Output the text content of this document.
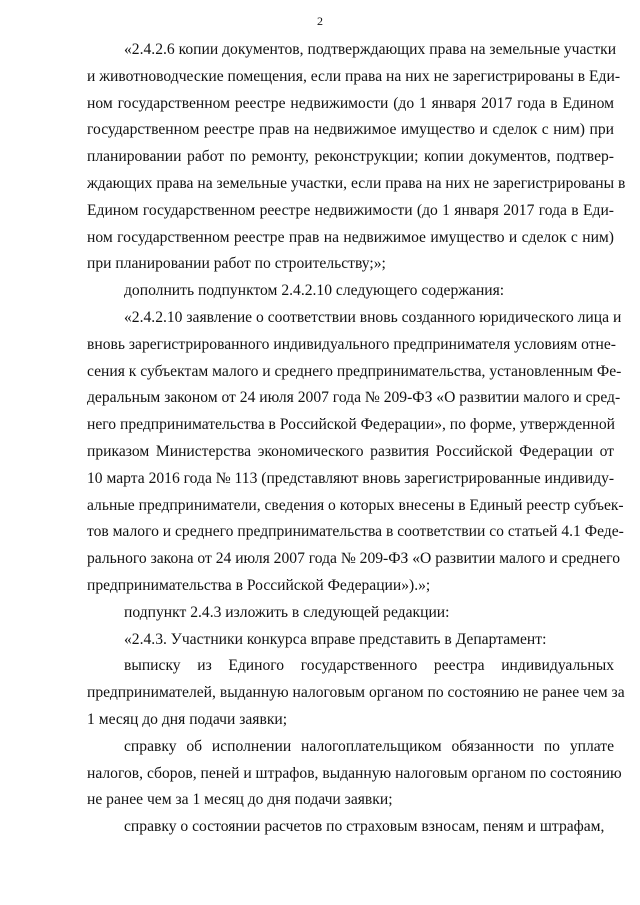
2
«2.4.2.6 копии документов, подтверждающих права на земельные участки
и животноводческие помещения, если права на них не зарегистрированы в Еди-
ном государственном реестре недвижимости (до 1 января 2017 года в Едином
государственном реестре прав на недвижимое имущество и сделок с ним) при
планировании работ по ремонту, реконструкции; копии документов, подтвер-
ждающих права на земельные участки, если права на них не зарегистрированы в
Едином государственном реестре недвижимости (до 1 января 2017 года в Еди-
ном государственном реестре прав на недвижимое имущество и сделок с ним)
при планировании работ по строительству;»;
дополнить подпунктом 2.4.2.10 следующего содержания:
«2.4.2.10 заявление о соответствии вновь созданного юридического лица и
вновь зарегистрированного индивидуального предпринимателя условиям отне-
сения к субъектам малого и среднего предпринимательства, установленным Фе-
деральным законом от 24 июля 2007 года № 209-ФЗ «О развитии малого и сред-
него предпринимательства в Российской Федерации», по форме, утвержденной
приказом Министерства экономического развития Российской Федерации от
10 марта 2016 года № 113 (представляют вновь зарегистрированные индивиду-
альные предприниматели, сведения о которых внесены в Единый реестр субъек-
тов малого и среднего предпринимательства в соответствии со статьей 4.1 Феде-
рального закона от 24 июля 2007 года № 209-ФЗ «О развитии малого и среднего
предпринимательства в Российской Федерации»).»;
подпункт 2.4.3 изложить в следующей редакции:
«2.4.3. Участники конкурса вправе представить в Департамент:
выписку из Единого государственного реестра индивидуальных
предпринимателей, выданную налоговым органом по состоянию не ранее чем за
1 месяц до дня подачи заявки;
справку об исполнении налогоплательщиком обязанности по уплате
налогов, сборов, пеней и штрафов, выданную налоговым органом по состоянию
не ранее чем за 1 месяц до дня подачи заявки;
справку о состоянии расчетов по страховым взносам, пеням и штрафам,
